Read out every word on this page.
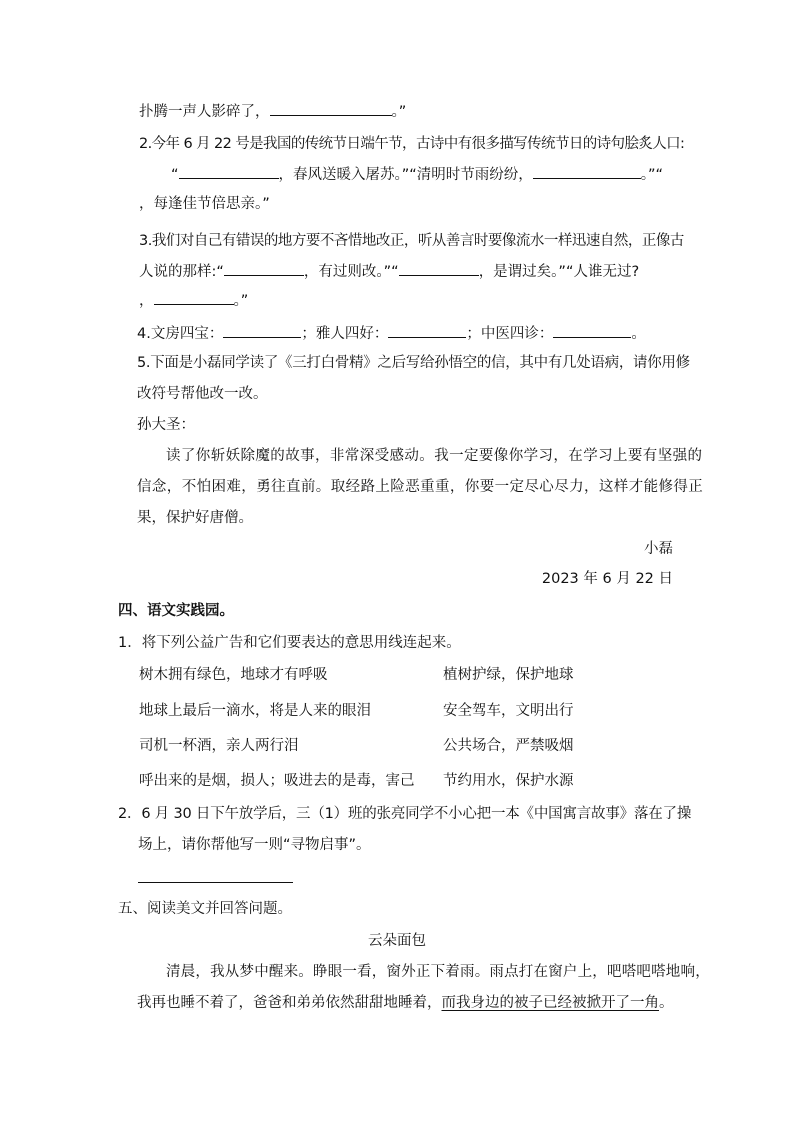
扑腾一声人影碎了，	。”
2.今年 6 月 22 号是我国的传统节日端午节，古诗中有很多描写传统节日的诗句脍炙人口:
“	，春风送暖入屠苏。”“清明时节雨纷纷，	。”“
，每逢佳节倍思亲。”
3.我们对自己有错误的地方要不吝惜地改正，听从善言时要像流水一样迅速自然，正像古
人说的那样:“	，有过则改。”“	，是谓过矣。”“人谁无过?
，	。”
4.文房四宝：	；雅人四好：	；中医四诊：	。
5.下面是小磊同学读了《三打白骨精》之后写给孙悟空的信，其中有几处语病，请你用修
改符号帮他改一改。
孙大圣：
读了你斩妖除魔的故事，非常深受感动。我一定要像你学习，在学习上要有坚强的
信念，不怕困难，勇往直前。取经路上险恶重重，你要一定尽心尽力，这样才能修得正
果，保护好唐僧。
小磊
2023 年 6 月 22 日
四、语文实践园。
1．将下列公益广告和它们要表达的意思用线连起来。
树木拥有绿色，地球才有呼吸	植树护绿，保护地球
地球上最后一滴水，将是人来的眼泪	安全驾车，文明出行
司机一杯酒，亲人两行泪	公共场合，严禁吸烟
呼出来的是烟，损人；吸进去的是毒，害己 节约用水，保护水源
2．6 月 30 日下午放学后，三（1）班的张亮同学不小心把一本《中国寓言故事》落在了操
场上，请你帮他写一则“寻物启事”。
五、阅读美文并回答问题。
云朵面包
清晨，我从梦中醒来。睁眼一看，窗外正下着雨。雨点打在窗户上，吧嗒吧嗒地响，
我再也睡不着了，爸爸和弟弟依然甜甜地睡着，而我身边的被子已经被掀开了一角。
